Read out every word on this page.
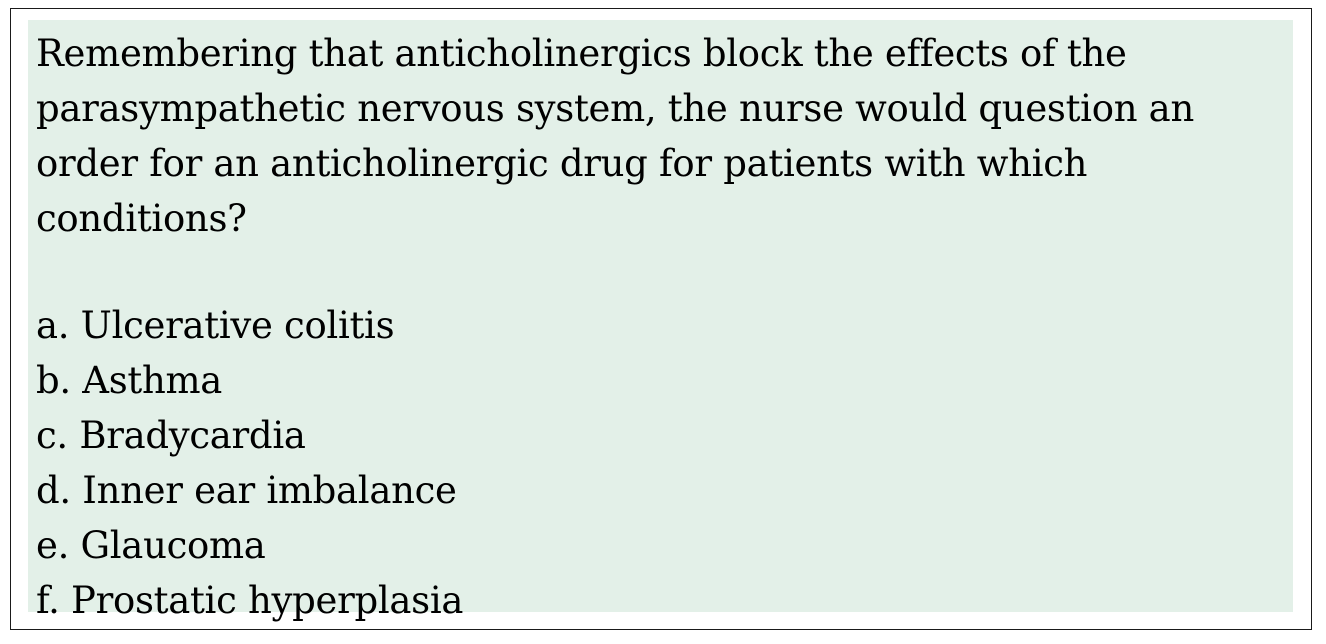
Remembering that anticholinergics block the effects of the parasympathetic nervous system, the nurse would question an order for an anticholinergic drug for patients with which conditions?

a. Ulcerative colitis
b. Asthma
c. Bradycardia
d. Inner ear imbalance
e. Glaucoma
f. Prostatic hyperplasia
